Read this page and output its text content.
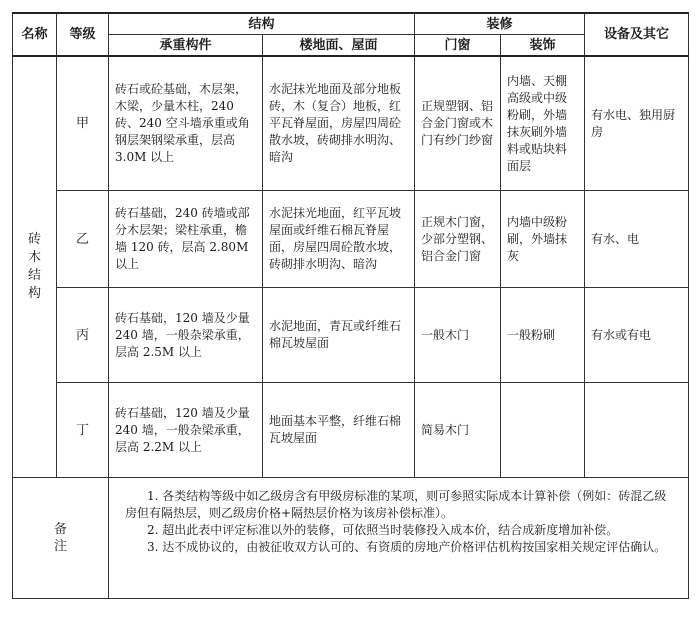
名称	等级	结构		装修		设备及其它
		承重构件	楼地面、屋面	门窗	装饰	
砖木结构	甲	砖石或砼基础，木层架，木梁，少量木柱，240 砖、240 空斗墙承重或角钢层架钢梁承重，层高 3.0M 以上	水泥抹光地面及部分地板砖，木（复合）地板，红平瓦脊屋面，房屋四周砼散水坡，砖砌排水明沟、暗沟	正规塑钢、铝合金门窗或木门有纱门纱窗	内墙、天棚高级或中级粉刷，外墙抹灰刷外墙料或贴块料面层	有水电、独用厨房
	乙	砖石基础，240 砖墙或部分木层架；梁柱承重，檐墙 120 砖，层高 2.80M 以上	水泥抹光地面，红平瓦坡屋面或纤维石棉瓦脊屋面，房屋四周砼散水坡，砖砌排水明沟、暗沟	正规木门窗，少部分塑钢、铝合金门窗	内墙中级粉刷，外墙抹灰	有水、电
	丙	砖石基础，120 墙及少量 240 墙，一般杂梁承重，层高 2.5M 以上	水泥地面，青瓦或纤维石棉瓦坡屋面	一般木门	一般粉刷	有水或有电
	丁	砖石基础，120 墙及少量 240 墙，一般杂梁承重，层高 2.2M 以上	地面基本平整，纤维石棉瓦坡屋面	简易木门		
备注		1. 各类结构等级中如乙级房含有甲级房标准的某项，则可参照实际成本计算补偿（例如：砖混乙级房但有隔热层，则乙级房价格+隔热层价格为该房补偿标准）。

2. 超出此表中评定标准以外的装修，可依照当时装修投入成本价，结合成新度增加补偿。

3. 达不成协议的，由被征收双方认可的、有资质的房地产价格评估机构按国家相关规定评估确认。				
